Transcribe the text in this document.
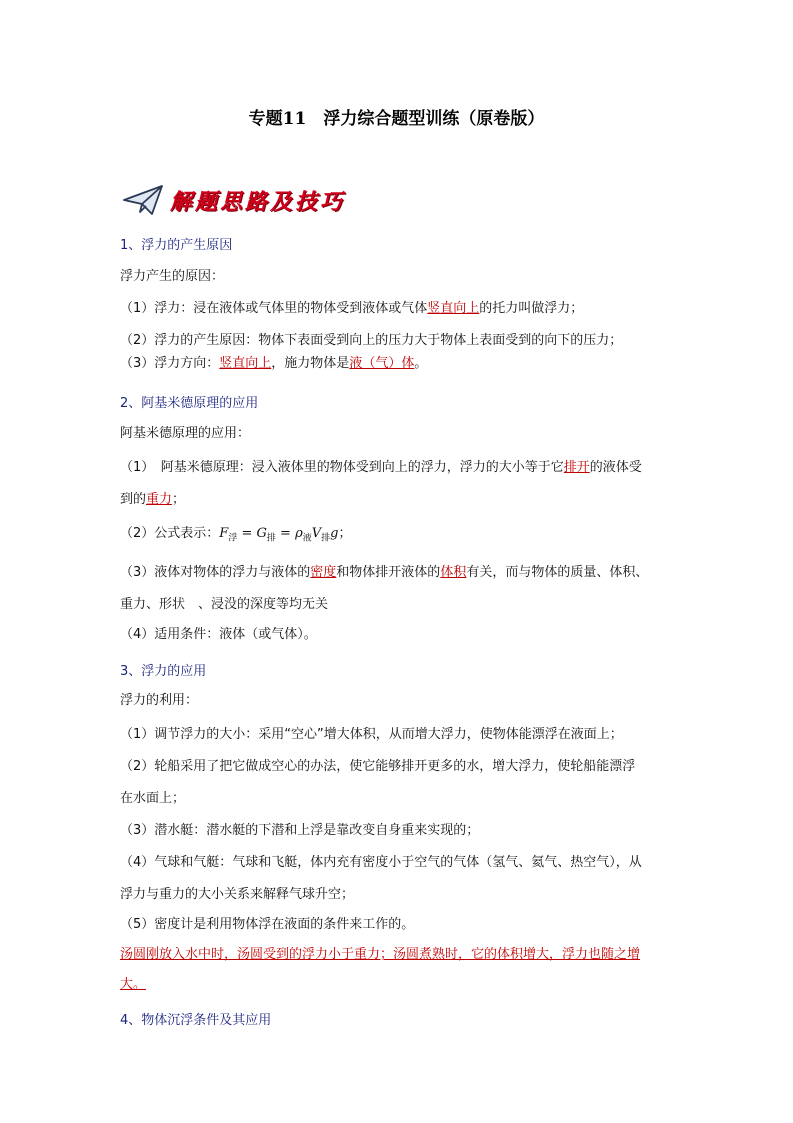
专题11　浮力综合题型训练（原卷版）
解题思路及技巧
1、浮力的产生原因
浮力产生的原因：
（1）浮力：浸在液体或气体里的物体受到液体或气体竖直向上的托力叫做浮力；
（2）浮力的产生原因：物体下表面受到向上的压力大于物体上表面受到的向下的压力；
（3）浮力方向：竖直向上，施力物体是液（气）体。
2、阿基米德原理的应用
阿基米德原理的应用：
（1）　阿基米德原理：浸入液体里的物体受到向上的浮力，浮力的大小等于它排开的液体受
到的重力；
（2）公式表示：$F_浮 = G_排 = \rho_液V_排g$；
（3）液体对物体的浮力与液体的密度和物体排开液体的体积有关，而与物体的质量、体积、
重力、形状　、浸没的深度等均无关
（4）适用条件：液体（或气体）。
3、浮力的应用
浮力的利用：
（1）调节浮力的大小：采用“空心”增大体积，从而增大浮力，使物体能漂浮在液面上；
（2）轮船采用了把它做成空心的办法，使它能够排开更多的水，增大浮力，使轮船能漂浮
在水面上；
（3）潜水艇：潜水艇的下潜和上浮是靠改变自身重来实现的；
（4）气球和气艇：气球和飞艇，体内充有密度小于空气的气体（氢气、氦气、热空气），从
浮力与重力的大小关系来解释气球升空；
（5）密度计是利用物体浮在液面的条件来工作的。
汤圆刚放入水中时，汤圆受到的浮力小于重力；汤圆煮熟时，它的体积增大，浮力也随之增
大。
4、物体沉浮条件及其应用
